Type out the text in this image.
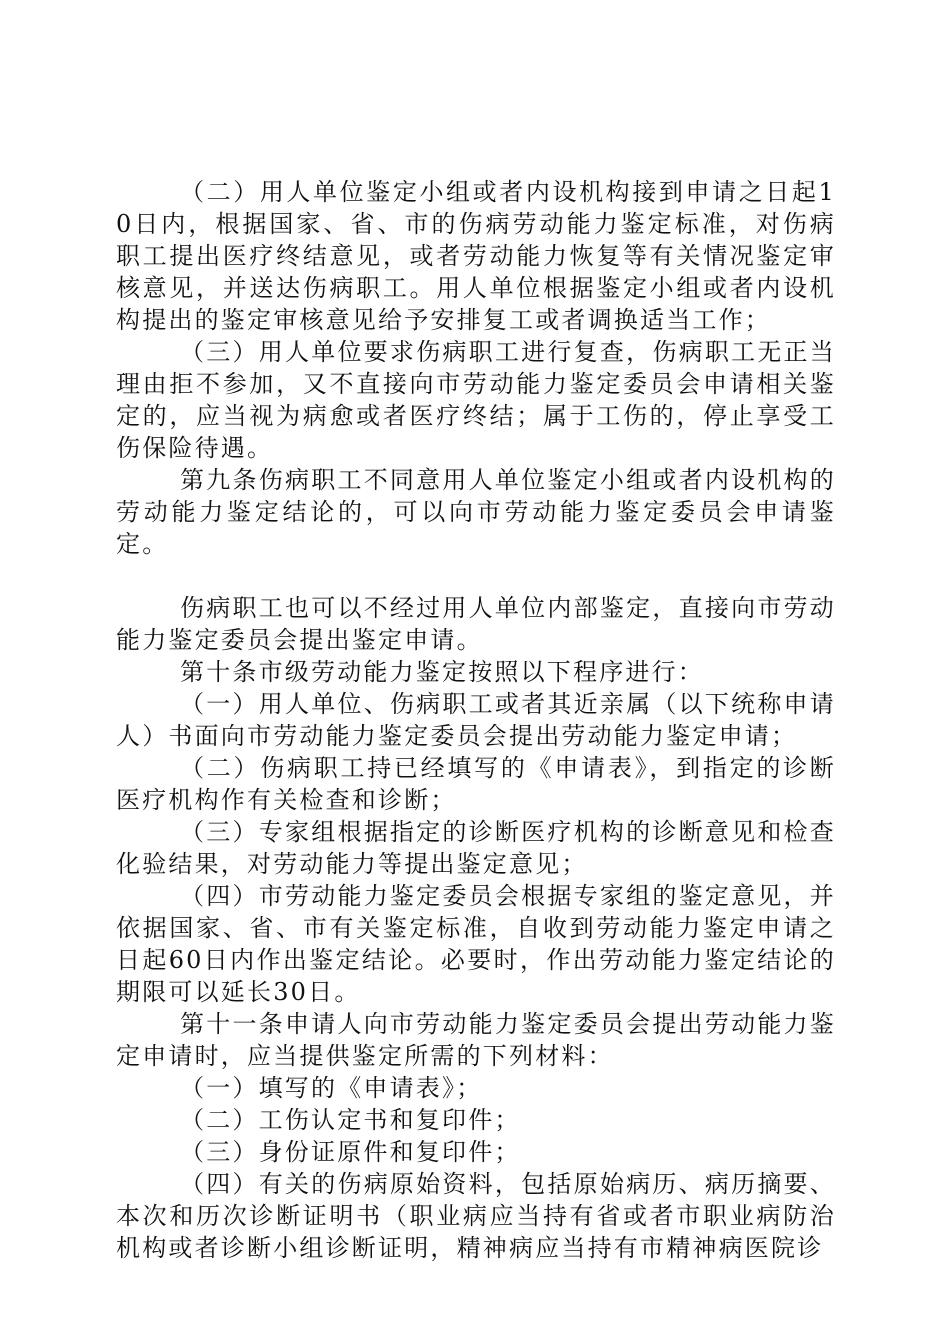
（二）用人单位鉴定小组或者内设机构接到申请之日起10日内，根据国家、省、市的伤病劳动能力鉴定标准，对伤病职工提出医疗终结意见，或者劳动能力恢复等有关情况鉴定审核意见，并送达伤病职工。用人单位根据鉴定小组或者内设机构提出的鉴定审核意见给予安排复工或者调换适当工作；

（三）用人单位要求伤病职工进行复查，伤病职工无正当理由拒不参加，又不直接向市劳动能力鉴定委员会申请相关鉴定的，应当视为病愈或者医疗终结；属于工伤的，停止享受工伤保险待遇。

第九条伤病职工不同意用人单位鉴定小组或者内设机构的劳动能力鉴定结论的，可以向市劳动能力鉴定委员会申请鉴定。

伤病职工也可以不经过用人单位内部鉴定，直接向市劳动能力鉴定委员会提出鉴定申请。

第十条市级劳动能力鉴定按照以下程序进行：

（一）用人单位、伤病职工或者其近亲属（以下统称申请人）书面向市劳动能力鉴定委员会提出劳动能力鉴定申请；

（二）伤病职工持已经填写的《申请表》，到指定的诊断医疗机构作有关检查和诊断；

（三）专家组根据指定的诊断医疗机构的诊断意见和检查化验结果，对劳动能力等提出鉴定意见；

（四）市劳动能力鉴定委员会根据专家组的鉴定意见，并依据国家、省、市有关鉴定标准，自收到劳动能力鉴定申请之日起60日内作出鉴定结论。必要时，作出劳动能力鉴定结论的期限可以延长30日。

第十一条申请人向市劳动能力鉴定委员会提出劳动能力鉴定申请时，应当提供鉴定所需的下列材料：

（一）填写的《申请表》；

（二）工伤认定书和复印件；

（三）身份证原件和复印件；

（四）有关的伤病原始资料，包括原始病历、病历摘要、本次和历次诊断证明书（职业病应当持有省或者市职业病防治机构或者诊断小组诊断证明，精神病应当持有市精神病医院诊
